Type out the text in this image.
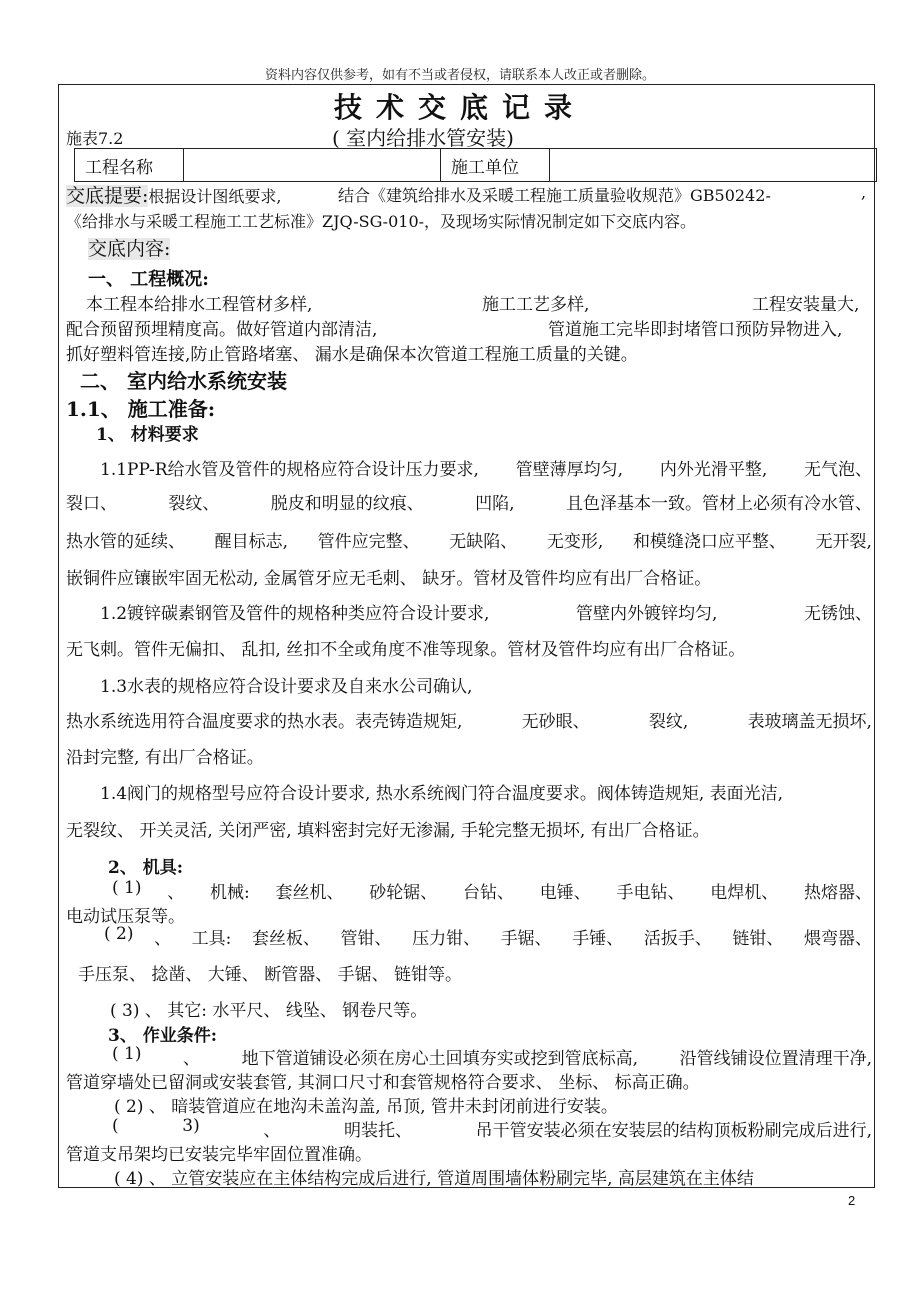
资料内容仅供参考，如有不当或者侵权，请联系本人改正或者删除。
技术交底记录
施表7.2	( 室内给排水管安装)
工程名称		施工单位	
交底提要:根据设计图纸要求,	结合《建筑给排水及采暖工程施工质量验收规范》GB50242-	,
《给排水与采暖工程施工工艺标准》ZJQ-SG-010-，及现场实际情况制定如下交底内容。
交底内容:
一、 工程概况:
本工程本给排水工程管材多样,	施工工艺多样,	工程安装量大,
配合预留预埋精度高。做好管道内部清洁,	管道施工完毕即封堵管口预防异物进入,
抓好塑料管连接,防止管路堵塞、 漏水是确保本次管道工程施工质量的关键。
二、 室内给水系统安装
1.1、 施工准备:
1、 材料要求
1.1PP-R给水管及管件的规格应符合设计压力要求, 管壁薄厚均匀, 内外光滑平整, 无气泡、
裂口、	裂纹、	脱皮和明显的纹痕、	凹陷,	且色泽基本一致。管材上必须有冷水管、
热水管的延续、 醒目标志, 管件应完整、 无缺陷、 无变形, 和模缝浇口应平整、 无开裂,
嵌铜件应镶嵌牢固无松动, 金属管牙应无毛刺、 缺牙。管材及管件均应有出厂合格证。
1.2镀锌碳素钢管及管件的规格种类应符合设计要求,	管壁内外镀锌均匀,	无锈蚀、
无飞刺。管件无偏扣、 乱扣, 丝扣不全或角度不准等现象。管材及管件均应有出厂合格证。
1.3水表的规格应符合设计要求及自来水公司确认,
热水系统选用符合温度要求的热水表。表壳铸造规矩,	无砂眼、	裂纹,	表玻璃盖无损坏,
沿封完整, 有出厂合格证。
1.4阀门的规格型号应符合设计要求, 热水系统阀门符合温度要求。阀体铸造规矩, 表面光洁,
无裂纹、 开关灵活, 关闭严密, 填料密封完好无渗漏, 手轮完整无损坏, 有出厂合格证。
2、 机具:
( 1) 、 机械: 套丝机、 砂轮锯、 台钻、 电锤、 手电钻、 电焊机、 热熔器、
电动试压泵等。
( 2) 、 工具: 套丝板、 管钳、 压力钳、 手锯、 手锤、 活扳手、 链钳、 煨弯器、
手压泵、 捻凿、 大锤、 断管器、 手锯、 链钳等。
( 3) 、 其它: 水平尺、 线坠、 钢卷尺等。
3、 作业条件:
( 1) 、 地下管道铺设必须在房心土回填夯实或挖到管底标高, 沿管线铺设位置清理干净,
管道穿墙处已留洞或安装套管, 其洞口尺寸和套管规格符合要求、 坐标、 标高正确。
( 2) 、 暗装管道应在地沟未盖沟盖, 吊顶, 管井未封闭前进行安装。
(	3)	、	明装托、	吊干管安装必须在安装层的结构顶板粉刷完成后进行,
管道支吊架均已安装完毕牢固位置准确。
( 4) 、 立管安装应在主体结构完成后进行, 管道周围墙体粉刷完毕, 高层建筑在主体结
2
